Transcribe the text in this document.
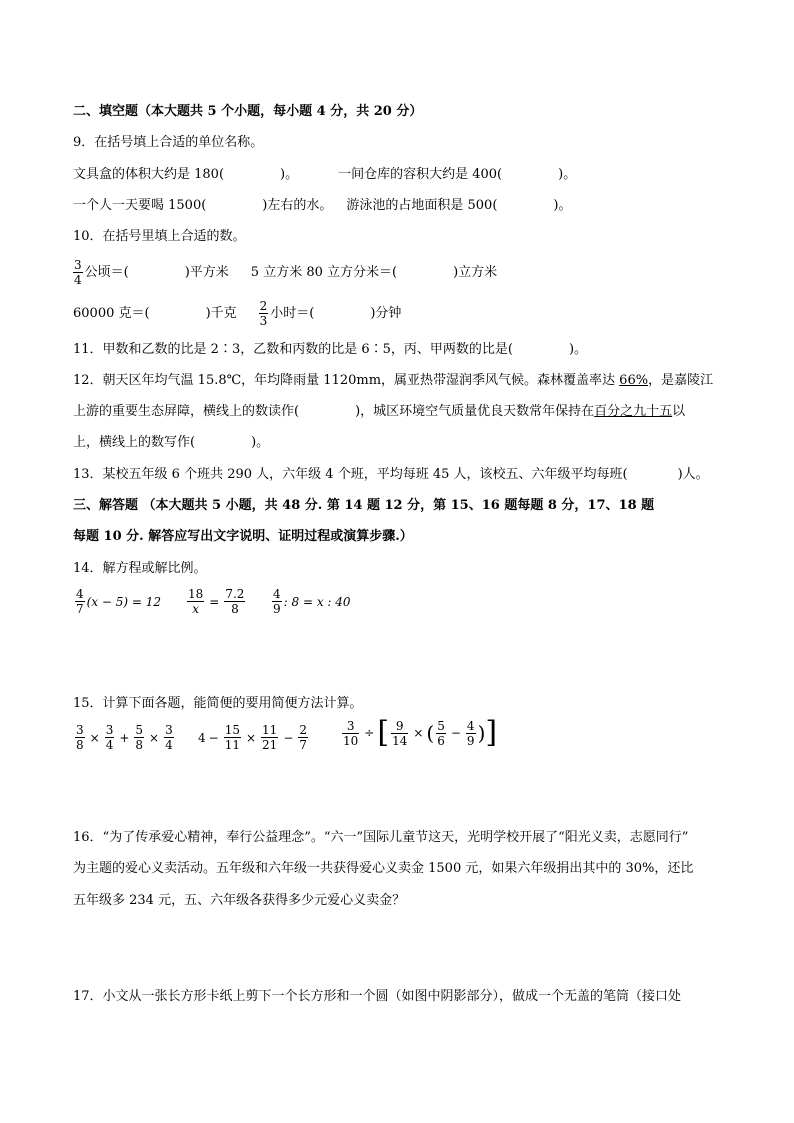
二、填空题（本大题共 5 个小题，每小题 4 分，共 20 分）
9．在括号填上合适的单位名称。
文具盒的体积大约是 180(	)。	一间仓库的容积大约是 400(	)。
一个人一天要喝 1500(	)左右的水。 游泳池的占地面积是 500(	)。
10．在括号里填上合适的数。
$\frac{3}{4}$ 公顷＝(	)平方米 5 立方米 80 立方分米＝(	)立方米
60000 克＝(	)千克 $\frac{2}{3}$ 小时＝(	)分钟
11．甲数和乙数的比是 2∶3，乙数和丙数的比是 6∶5，丙、甲两数的比是(	)。
12．朝天区年均气温 15.8℃，年均降雨量 1120mm，属亚热带湿润季风气候。森林覆盖率达 66%，是嘉陵江
上游的重要生态屏障，横线上的数读作(	)，城区环境空气质量优良天数常年保持在百分之九十五以
上，横线上的数写作(	)。
13．某校五年级 6 个班共 290 人，六年级 4 个班，平均每班 45 人，该校五、六年级平均每班(	)人。
三、解答题 （本大题共 5 小题，共 48 分. 第 14 题 12 分，第 15、16 题每题 8 分，17、18 题
每题 10 分. 解答应写出文字说明、证明过程或演算步骤.）
14．解方程或解比例。
$\frac{4}{7} (x - 5) = 12 \frac{18}{x} = \frac{7.2}{8} \frac{4}{9}$ : 8 = x : 40
15．计算下面各题，能简便的要用简便方法计算。
$\frac{3}{8} \times \frac{3}{4} + \frac{5}{8} \times \frac{3}{4} 4 - \frac{15}{11} \times \frac{11}{21} - \frac{2}{7}$	$\frac{3}{10}$ ÷ [ $\frac{9}{14}$ × ( $\frac{5}{6} - \frac{4}{9}$ ) ]
16．“为了传承爱心精神，奉行公益理念”。“六一”国际儿童节这天，光明学校开展了“阳光义卖，志愿同行”
为主题的爱心义卖活动。五年级和六年级一共获得爱心义卖金 1500 元，如果六年级捐出其中的 30%，还比
五年级多 234 元，五、六年级各获得多少元爱心义卖金？
17．小文从一张长方形卡纸上剪下一个长方形和一个圆（如图中阴影部分），做成一个无盖的笔筒（接口处
